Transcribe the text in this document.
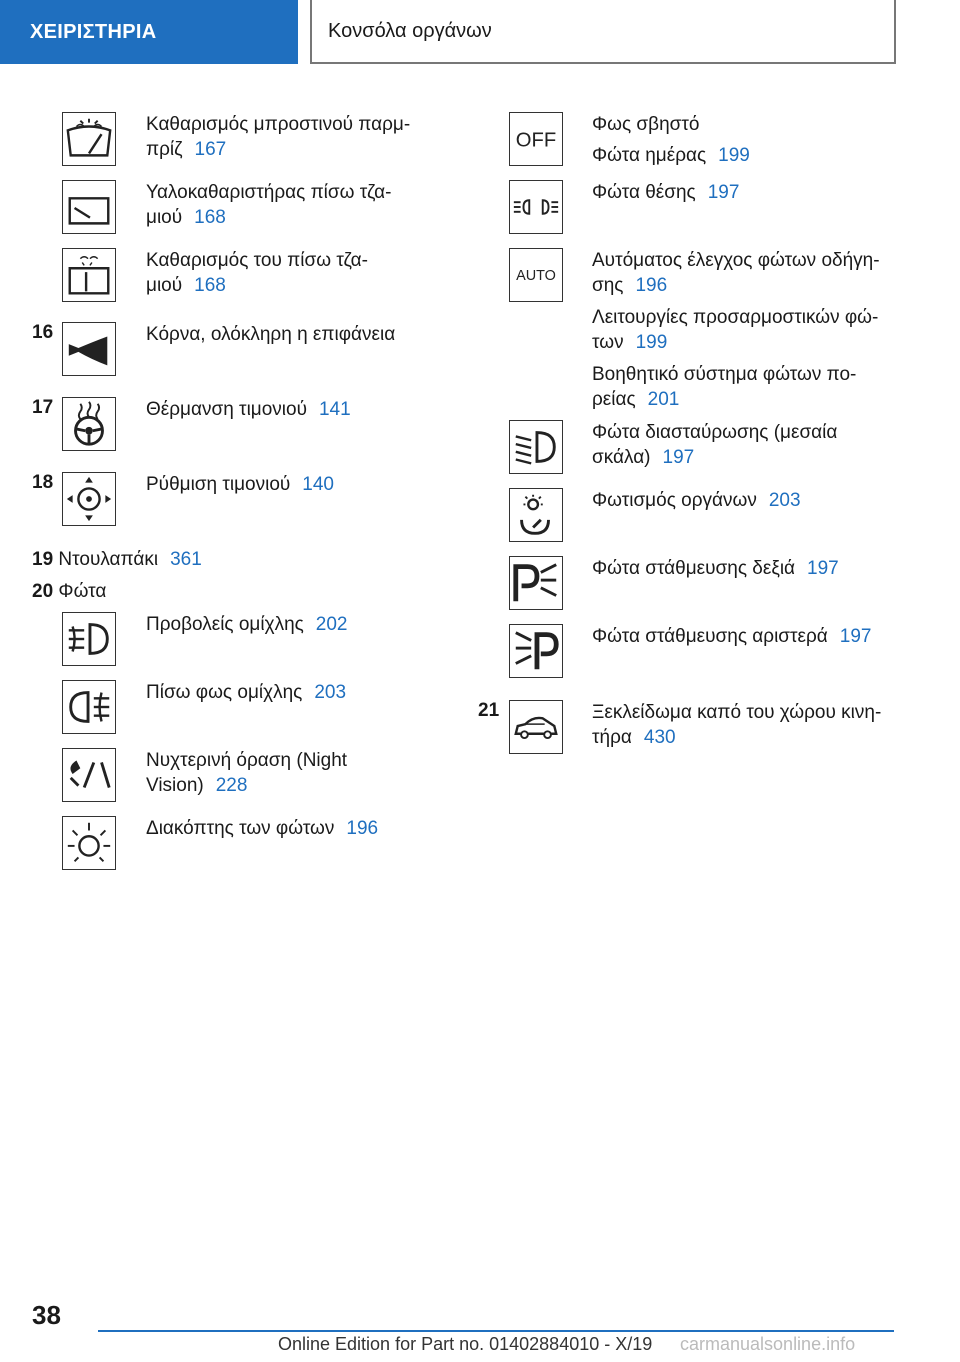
ΧΕΙΡΙΣΤΗΡΙΑ	Κονσόλα οργάνων
Καθαρισμός μπροστινού παρμ-
πρίζ 167
Υαλοκαθαριστήρας πίσω τζα-
μιού 168
Καθαρισμός του πίσω τζα-
μιού 168
16	Κόρνα, ολόκληρη η επιφάνεια
17	Θέρμανση τιμονιού 141
18	Ρύθμιση τιμονιού 140
19 Ντουλαπάκι 361
20 Φώτα
Προβολείς ομίχλης 202
Πίσω φως ομίχλης 203
Νυχτερινή όραση (Night
Vision) 228
Διακόπτης των φώτων 196
OFF
Φως σβηστό
Φώτα ημέρας 199
Φώτα θέσης 197
AUTO
Αυτόματος έλεγχος φώτων οδήγη-
σης 196
Λειτουργίες προσαρμοστικών φώ-
των 199
Βοηθητικό σύστημα φώτων πο-
ρείας 201
Φώτα διασταύρωσης (μεσαία
σκάλα) 197
Φωτισμός οργάνων 203
Φώτα στάθμευσης δεξιά 197
Φώτα στάθμευσης αριστερά 197
21	Ξεκλείδωμα καπό του χώρου κινη-
τήρα 430
38
Online Edition for Part no. 01402884010 - X/19 carmanualsonline.info
